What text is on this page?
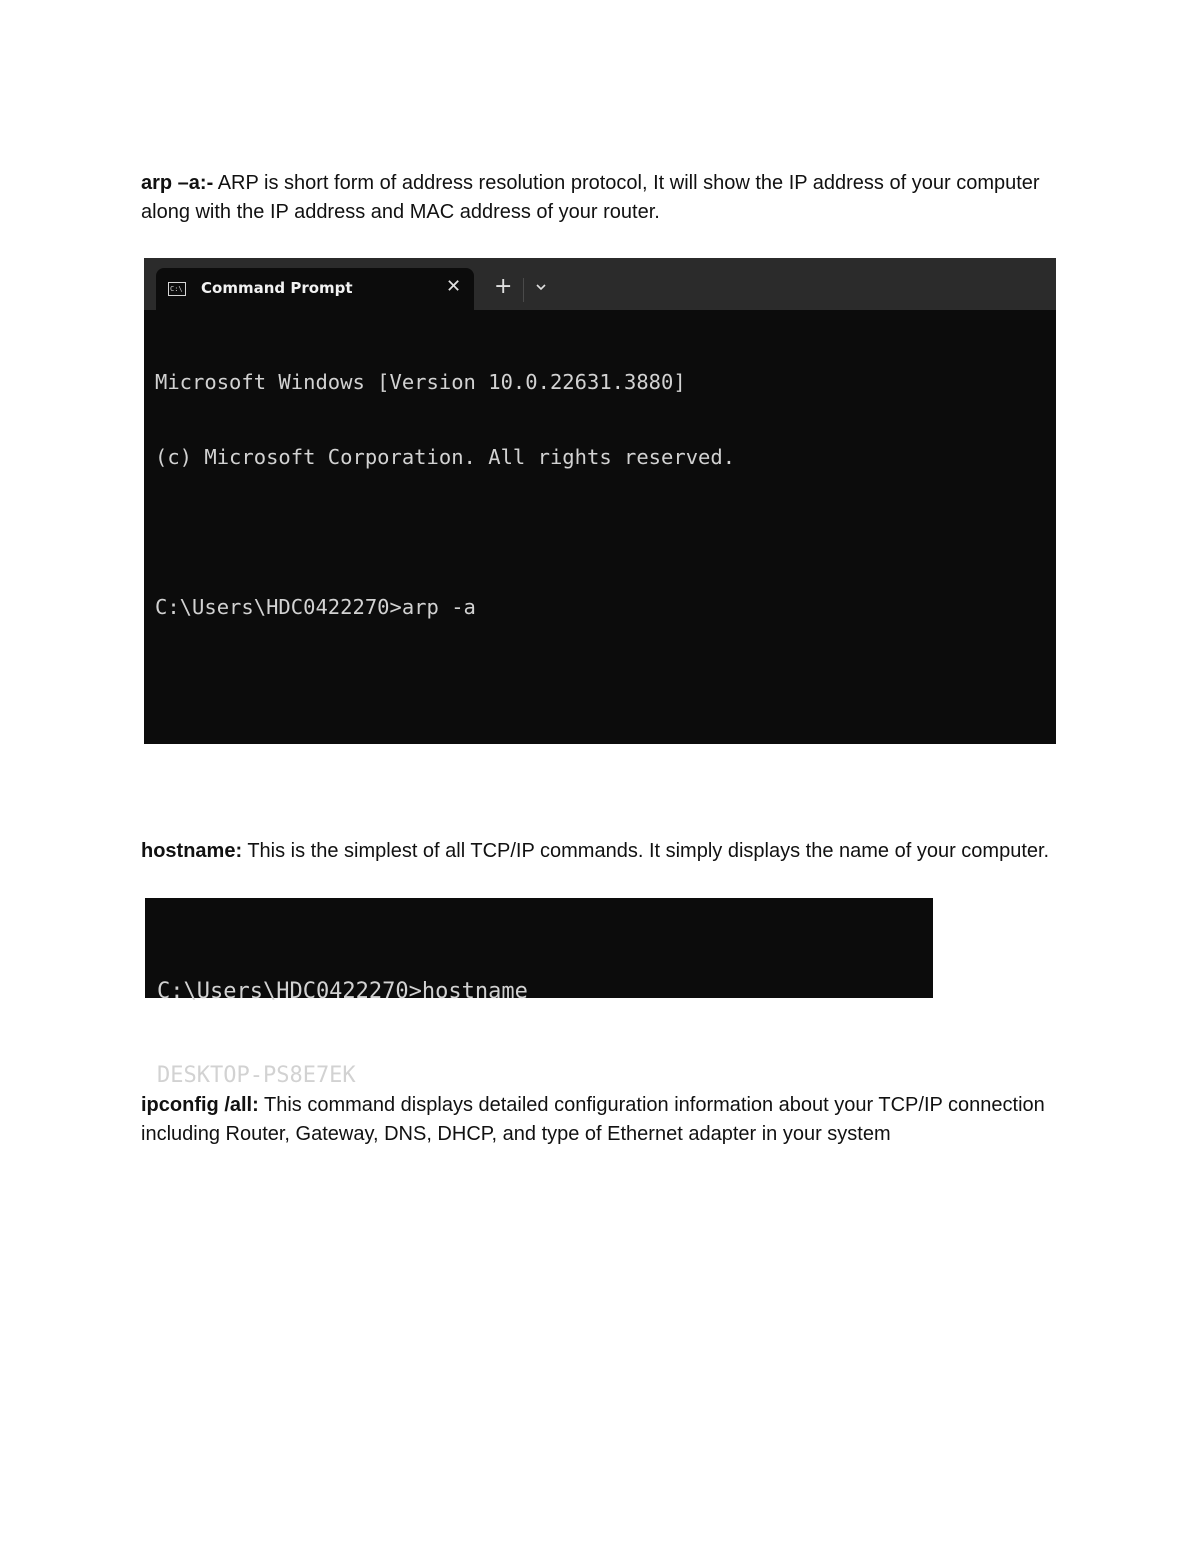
arp –a:- ARP is short form of address resolution protocol, It will show the IP address of your computer along with the IP address and MAC address of your router.

C:\ Command Prompt	✕ +

Microsoft Windows [Version 10.0.22631.3880]

(c) Microsoft Corporation. All rights reserved.

C:\Users\HDC0422270>arp -a

hostname: This is the simplest of all TCP/IP commands. It simply displays the name of your computer.

C:\Users\HDC0422270>hostname

DESKTOP-PS8E7EK

ipconfig /all: This command displays detailed configuration information about your TCP/IP connection including Router, Gateway, DNS, DHCP, and type of Ethernet adapter in your system
